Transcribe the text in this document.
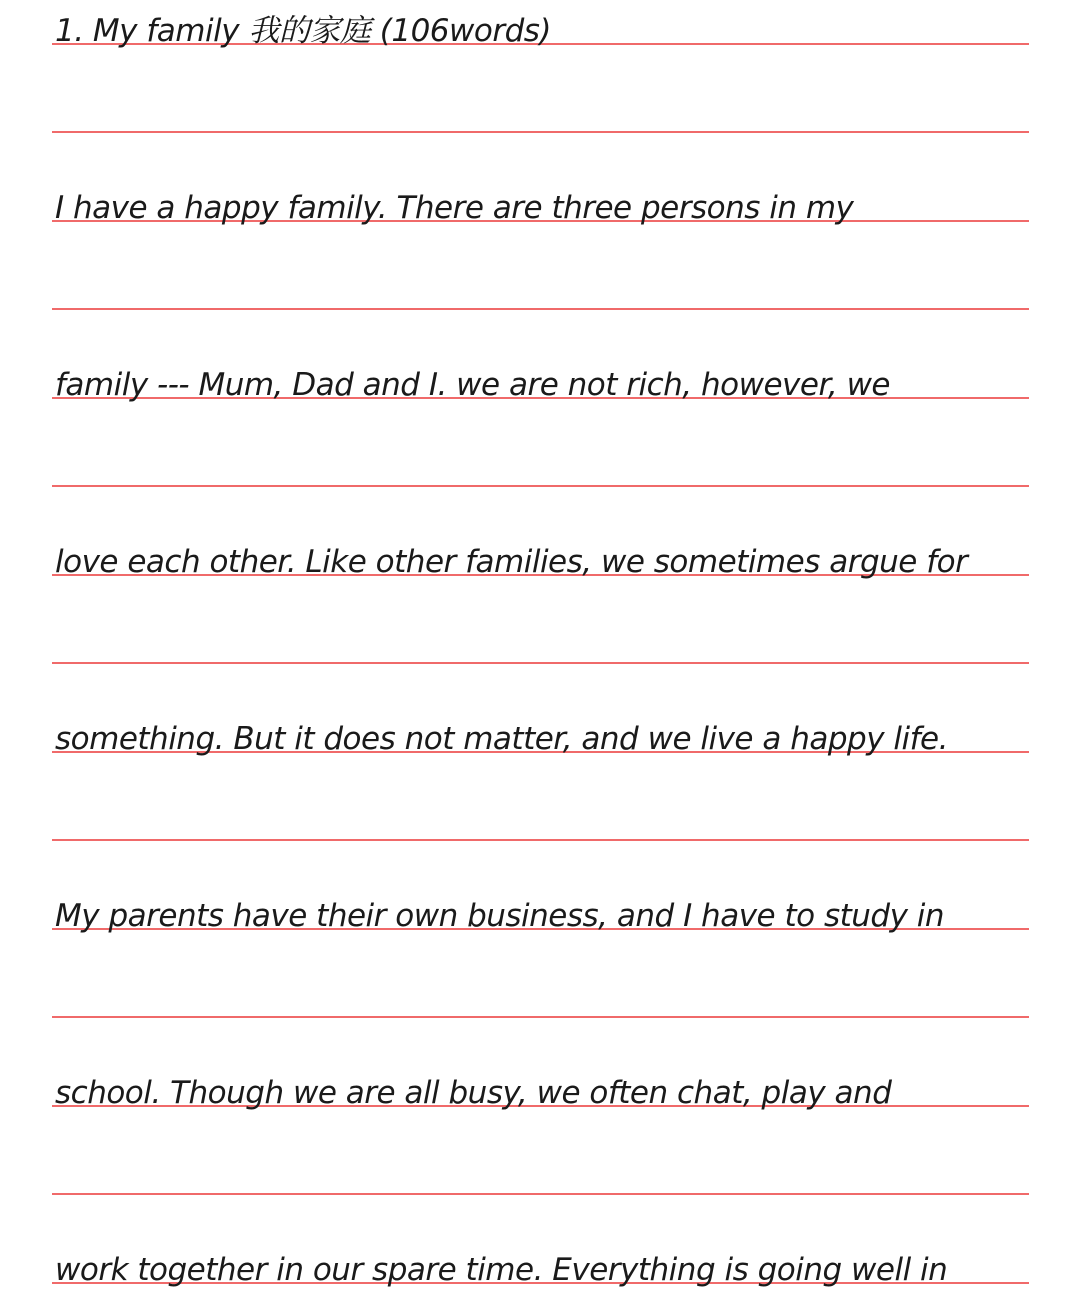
1. My family 我的家庭 (106words)
I have a happy family. There are three persons in my
family --- Mum, Dad and I. we are not rich, however, we
love each other. Like other families, we sometimes argue for
something. But it does not matter, and we live a happy life.
My parents have their own business, and I have to study in
school. Though we are all busy, we often chat, play and
work together in our spare time. Everything is going well in
